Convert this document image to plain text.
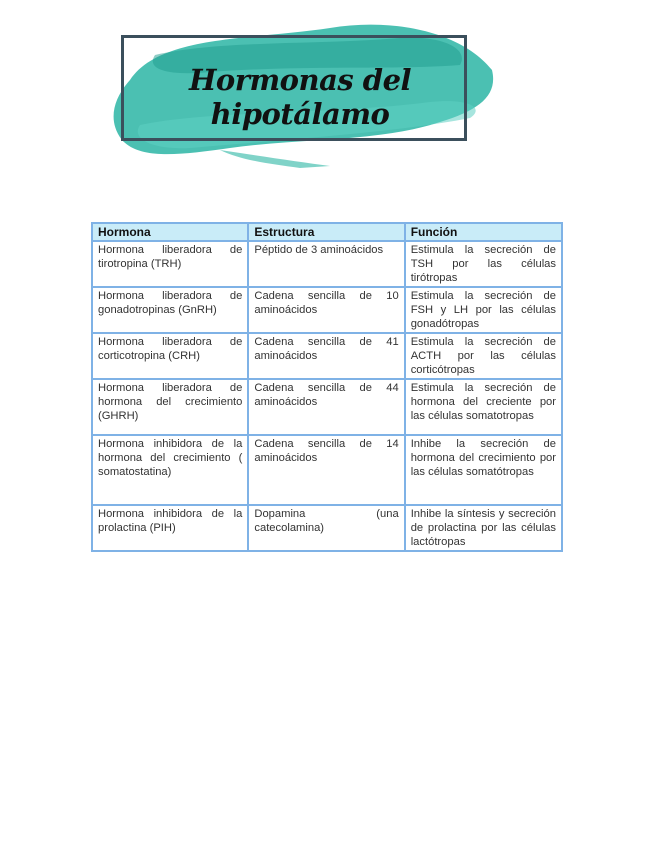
Hormonas del hipotálamo
Hormona	Estructura	Función
Hormona liberadora de tirotropina (TRH)	Péptido de 3 aminoácidos	Estimula la secreción de TSH por las células tirótropas
Hormona liberadora de gonadotropinas (GnRH)	Cadena sencilla de 10 aminoácidos	Estimula la secreción de FSH y LH por las células gonadótropas
Hormona liberadora de corticotropina (CRH)	Cadena sencilla de 41 aminoácidos	Estimula la secreción de ACTH por las células corticótropas
Hormona liberadora de hormona del crecimiento (GHRH)	Cadena sencilla de 44 aminoácidos	Estimula la secreción de hormona del creciente por las células somatotropas
Hormona inhibidora de la hormona del crecimiento ( somatostatina)	Cadena sencilla de 14 aminoácidos	Inhibe la secreción de hormona del crecimiento por las células somatótropas
Hormona inhibidora de la prolactina (PIH)	Dopamina (una catecolamina)	Inhibe la síntesis y secreción de prolactina por las células lactótropas
